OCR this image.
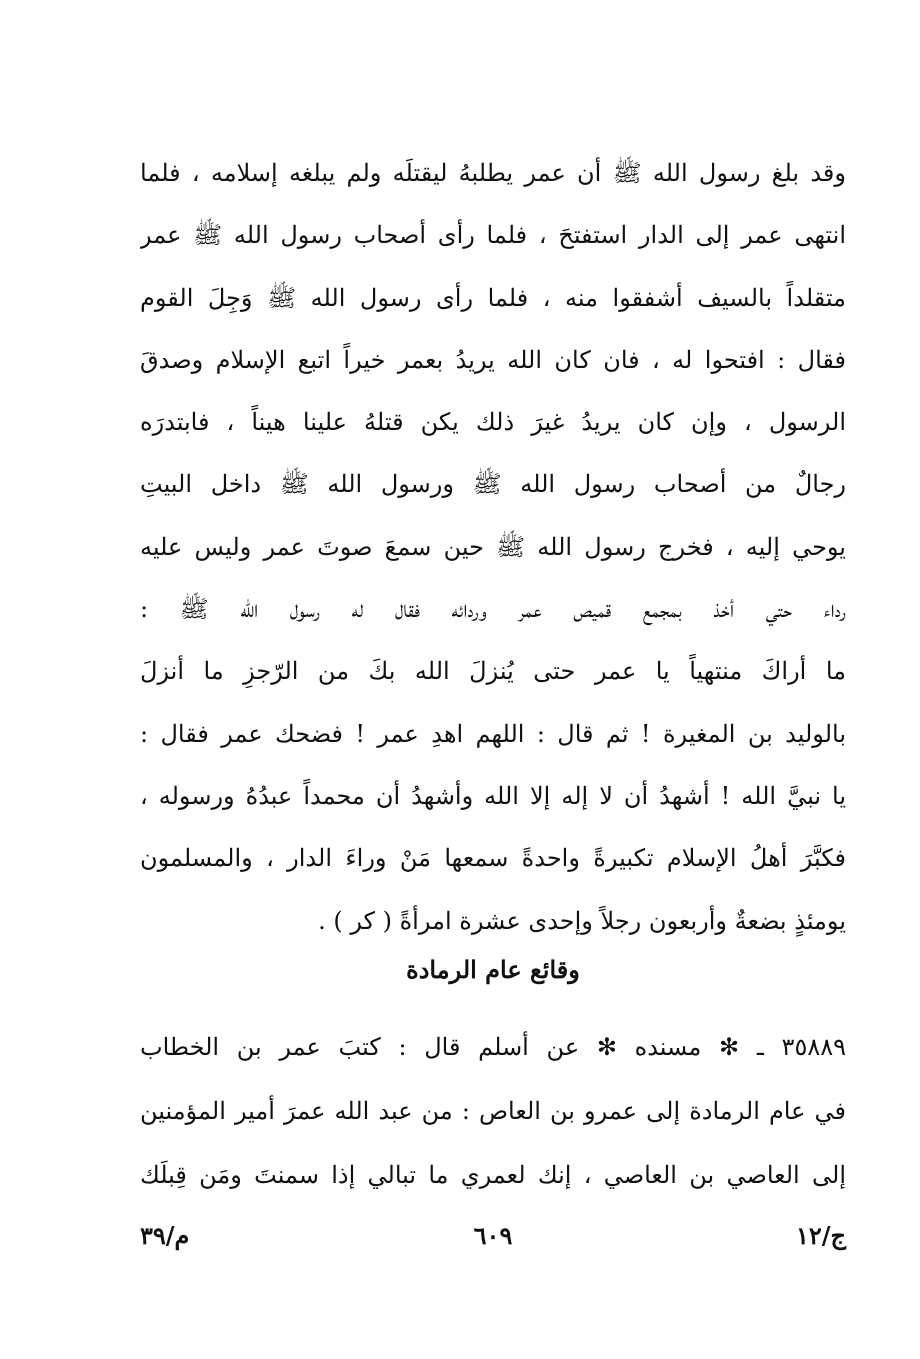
وقد بلغ رسول الله ﷺ أن عمر يطلبهُ ليقتلَه ولم يبلغه إسلامه ، فلما
انتهى عمر إلى الدار استفتحَ ، فلما رأى أصحاب رسول الله ﷺ عمر
متقلداً بالسيف أشفقوا منه ، فلما رأى رسول الله ﷺ وَجِلَ القوم
فقال : افتحوا له ، فان كان الله يريدُ بعمر خيراً اتبع الإسلام وصدقَ
الرسول ، وإن كان يريدُ غيرَ ذلك يكن قتلهُ علينا هيناً ، فابتدرَه
رجالٌ من أصحاب رسول الله ﷺ ورسول الله ﷺ داخل البيتِ
يوحي إليه ، فخرج رسول الله ﷺ حين سمعَ صوتَ عمر وليس عليه
رداء حتي أخذ بمجمع قميص عمر وردائه فقال له رسول الله ﷺ :
ما أراكَ منتهياً يا عمر حتى يُنزلَ الله بكَ من الرّجزِ ما أنزلَ
بالوليد بن المغيرة ! ثم قال : اللهم اهدِ عمر ! فضحك عمر فقال :
يا نبيَّ الله ! أشهدُ أن لا إله إلا الله وأشهدُ أن محمداً عبدُهُ ورسوله ،
فكبَّرَ أهلُ الإسلام تكبيرةً واحدةً سمعها مَنْ وراءَ الدار ، والمسلمون
يومئذٍ بضعةٌ وأربعون رجلاً وإحدى عشرة امرأةً ( كر ) .
وقائع عام الرمادة
٣٥٨٨٩ ـ ✻ مسنده ✻ عن أسلم قال : كتبَ عمر بن الخطاب
في عام الرمادة إلى عمرو بن العاص : من عبد الله عمرَ أمير المؤمنين
إلى العاصي بن العاصي ، إنك لعمري ما تبالي إذا سمنتَ ومَن قِبلَك
ج/١٢
٦٠٩
م/٣٩
